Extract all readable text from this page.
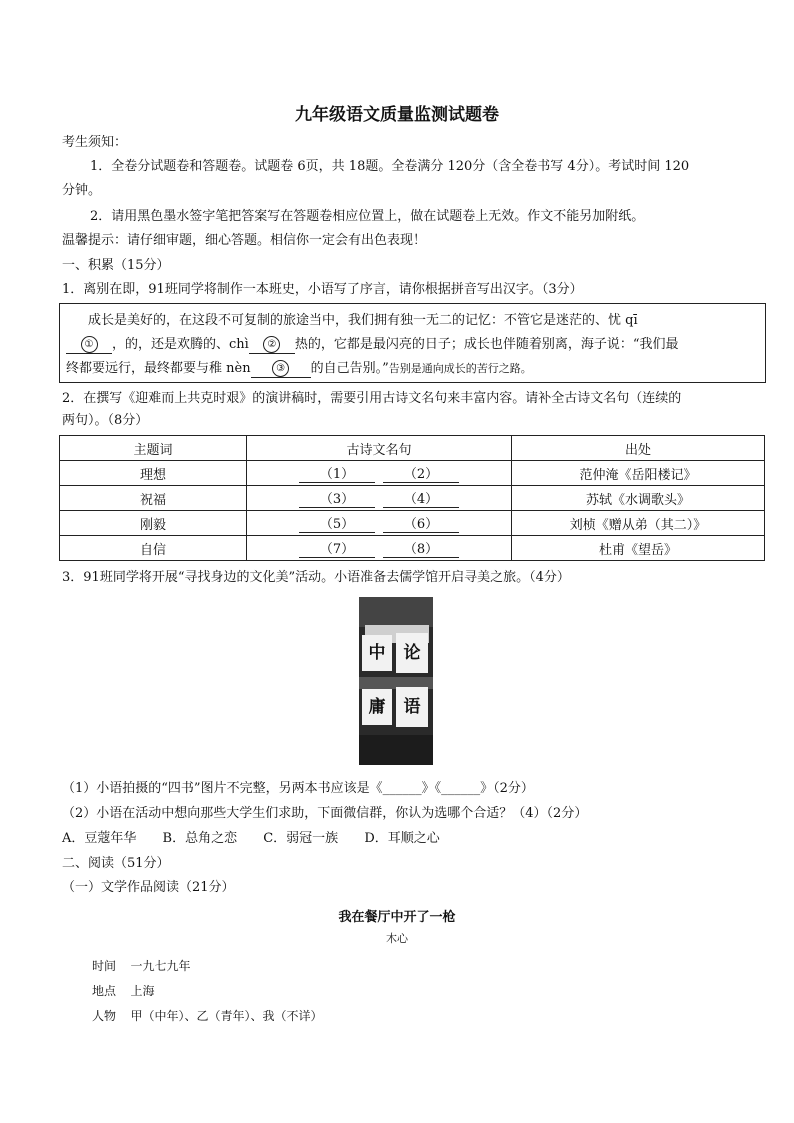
九年级语文质量监测试题卷
考生须知：
1．全卷分试题卷和答题卷。试题卷 6页，共 18题。全卷满分 120分（含全卷书写 4分）。考试时间 120
分钟。
2．请用黑色墨水签字笔把答案写在答题卷相应位置上，做在试题卷上无效。作文不能另加附纸。
温馨提示：请仔细审题，细心答题。相信你一定会有出色表现！
一、积累（15分）
1．离别在即，91班同学将制作一本班史，小语写了序言，请你根据拼音写出汉字。（3分）
成长是美好的，在这段不可复制的旅途当中，我们拥有独一无二的记忆：不管它是迷茫的、忧 qī
① ，的，还是欢腾的、chì ② 热的，它都是最闪亮的日子；成长也伴随着别离，海子说：“我们最
终都要远行，最终都要与稚 nèn	③ 的自己告别。”告别是通向成长的苦行之路。
2．在撰写《迎难而上共克时艰》的演讲稿时，需要引用古诗文名句来丰富内容。请补全古诗文名句（连续的
两句）。（8分）
主题词	古诗文名句	出处
理想	（1） （2）	范仲淹《岳阳楼记》
祝福	（3） （4）	苏轼《水调歌头》
刚毅	（5） （6）	刘桢《赠从弟（其二）》
自信	（7） （8）	杜甫《望岳》
3．91班同学将开展“寻找身边的文化美”活动。小语准备去儒学馆开启寻美之旅。（4分）
中	论
庸	语
（1）小语拍摄的“四书”图片不完整，另两本书应该是《______》《______》（2分）
（2）小语在活动中想向那些大学生们求助，下面微信群，你认为选哪个合适？（4）（2分）
A．豆蔻年华 B．总角之恋 C．弱冠一族 D．耳顺之心
二、阅读（51分）
（一）文学作品阅读（21分）
我在餐厅中开了一枪
木心
时间 一九七九年
地点 上海
人物 甲（中年）、乙（青年）、我（不详）
